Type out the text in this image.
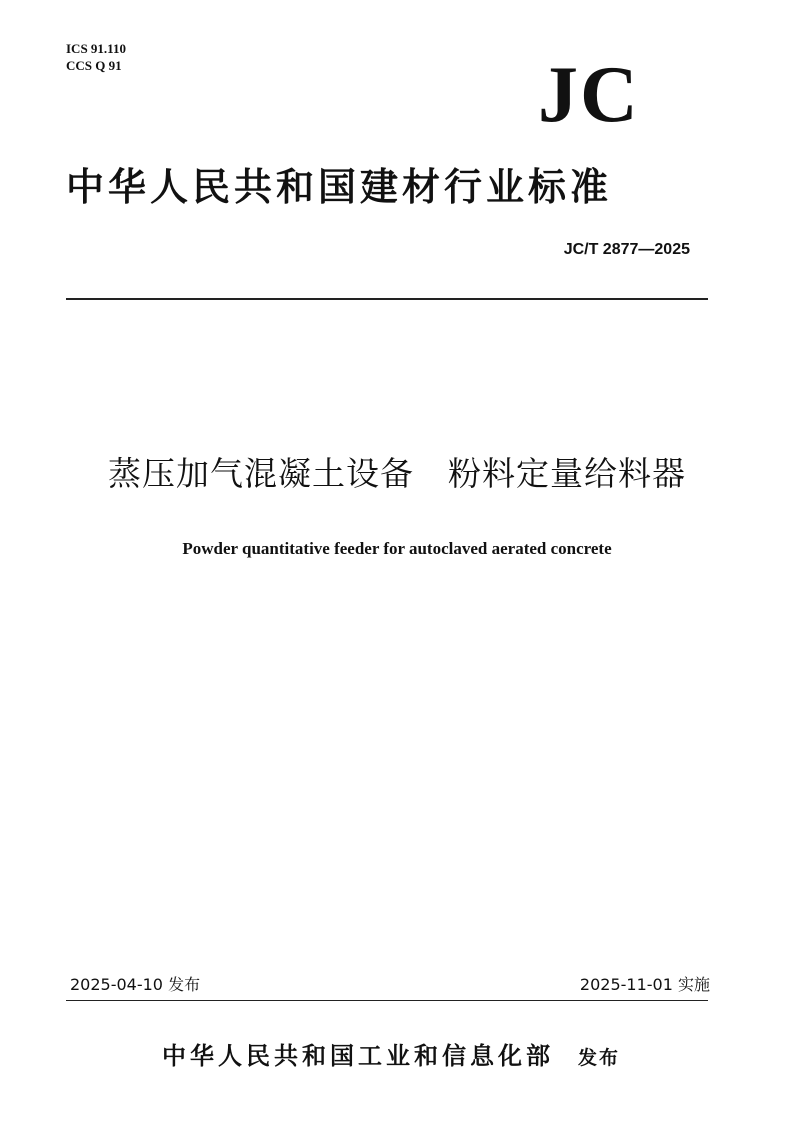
ICS 91.110
CCS Q 91	JC
中华人民共和国建材行业标准
JC/T 2877—2025
蒸压加气混凝土设备　粉料定量给料器
Powder quantitative feeder for autoclaved aerated concrete
2025-04-10 发布	2025-11-01 实施
中华人民共和国工业和信息化部 发布
